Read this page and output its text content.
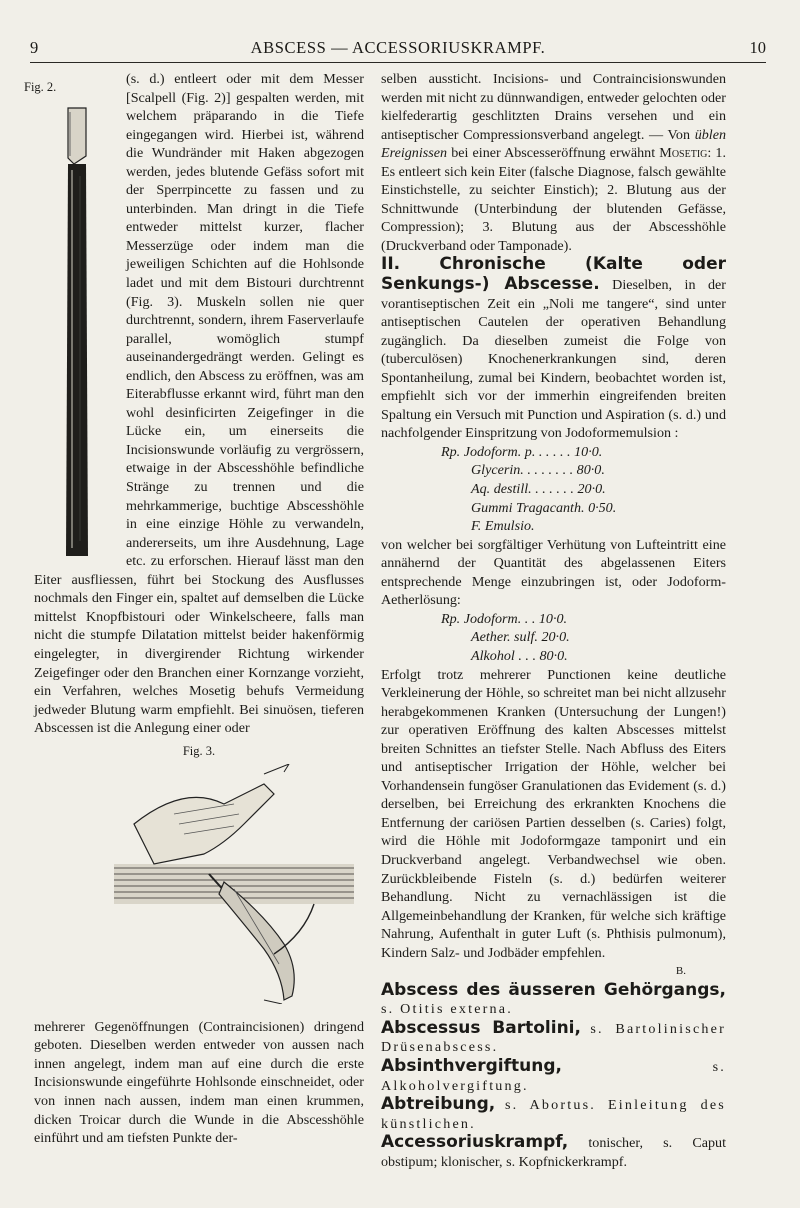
9	ABSCESS — ACCESSORIUSKRAMPF.	10
Fig. 2.	(s. d.) entleert oder mit dem Messer [Scalpell (Fig. 2)] gespalten werden, mit welchem präparando in die Tiefe eingegangen wird. Hierbei ist, während die Wundränder mit Haken abgezogen werden, jedes blutende Gefäss sofort mit der Sperrpincette zu fassen und zu unterbinden. Man dringt in die Tiefe entweder mittelst kurzer, flacher Messerzüge oder indem man die jeweiligen Schichten auf die Hohlsonde ladet und mit dem Bistouri durchtrennt (Fig. 3). Muskeln sollen nie quer durchtrennt, sondern, ihrem Faserverlaufe parallel, womöglich stumpf auseinandergedrängt werden. Gelingt es endlich, den Abscess zu eröffnen, was am Eiterabflusse erkannt wird, führt man den wohl desinficirten Zeigefinger in die Lücke ein, um einerseits die Incisionswunde vorläufig zu vergrössern, etwaige in der Abscesshöhle befindliche Stränge zu trennen und die mehrkammerige, buchtige Abscesshöhle in eine einzige Höhle zu verwandeln, andererseits, um ihre Ausdehnung, Lage etc. zu erforschen. Hierauf lässt man den Eiter ausfliessen, führt bei Stockung des Ausflusses nochmals den Finger ein, spaltet auf demselben die Lücke mittelst Knopfbistouri oder Winkelscheere, falls man nicht die stumpfe Dilatation mittelst beider hakenförmig eingelegter, in divergirender Richtung wirkender Zeigefinger oder den Branchen einer Kornzange vorzieht, ein Verfahren, welches Mosetig behufs Vermeidung jedweder Blutung warm empfiehlt. Bei sinuösen, tieferen Abscessen ist die Anlegung einer oder

Fig. 3.

mehrerer Gegenöffnungen (Contraincisionen) dringend geboten. Dieselben werden entweder von aussen nach innen angelegt, indem man auf eine durch die erste Incisionswunde eingeführte Hohlsonde einschneidet, oder von innen nach aussen, indem man einen krummen, dicken Troicar durch die Wunde in die Abscesshöhle einführt und am tiefsten Punkte der-

selben aussticht. Incisions- und Contraincisionswunden werden mit nicht zu dünnwandigen, entweder gelochten oder kielfederartig geschlitzten Drains versehen und ein antiseptischer Compressionsverband angelegt. — Von üblen Ereignissen bei einer Abscesseröffnung erwähnt Mosetig: 1. Es entleert sich kein Eiter (falsche Diagnose, falsch gewählte Einstichstelle, zu seichter Einstich); 2. Blutung aus der Schnittwunde (Unterbindung der blutenden Gefässe, Compression); 3. Blutung aus der Abscesshöhle (Druckverband oder Tamponade).

II. Chronische (Kalte oder Senkungs-) Abscesse. Dieselben, in der vorantiseptischen Zeit ein „Noli me tangere“, sind unter antiseptischen Cautelen der operativen Behandlung zugänglich. Da dieselben zumeist die Folge von (tuberculösen) Knochenerkrankungen sind, deren Spontanheilung, zumal bei Kindern, beobachtet worden ist, empfiehlt sich vor der immerhin eingreifenden breiten Spaltung ein Versuch mit Punction und Aspiration (s. d.) und nachfolgender Einspritzung von Jodoformemulsion :

Rp. Jodoform. p. . . . . . 10·0.
Glycerin. . . . . . . . 80·0.
Aq. destill. . . . . . . 20·0.
Gummi Tragacanth. 0·50.
F. Emulsio.

von welcher bei sorgfältiger Verhütung von Lufteintritt eine annähernd der Quantität des abgelassenen Eiters entsprechende Menge einzubringen ist, oder Jodoform-Aetherlösung:

Rp. Jodoform. . . 10·0.
Aether. sulf. 20·0.
Alkohol . . . 80·0.

Erfolgt trotz mehrerer Punctionen keine deutliche Verkleinerung der Höhle, so schreitet man bei nicht allzusehr herabgekommenen Kranken (Untersuchung der Lungen!) zur operativen Eröffnung des kalten Abscesses mittelst breiten Schnittes an tiefster Stelle. Nach Abfluss des Eiters und antiseptischer Irrigation der Höhle, welcher bei Vorhandensein fungöser Granulationen das Evidement (s. d.) derselben, bei Erreichung des erkrankten Knochens die Entfernung der cariösen Partien desselben (s. Caries) folgt, wird die Höhle mit Jodoformgaze tamponirt und ein Druckverband angelegt. Verbandwechsel wie oben. Zurückbleibende Fisteln (s. d.) bedürfen weiterer Behandlung. Nicht zu vernachlässigen ist die Allgemeinbehandlung der Kranken, für welche sich kräftige Nahrung, Aufenthalt in guter Luft (s. Phthisis pulmonum), Kindern Salz- und Jodbäder empfehlen.

B.

Abscess des äusseren Gehörgangs, s. Otitis externa.

Abscessus Bartolini, s. Bartolinischer Drüsenabscess.

Absinthvergiftung,	s. Alkoholvergiftung.

Abtreibung, s. Abortus. Einleitung des künstlichen.

Accessoriuskrampf, tonischer, s. Caput obstipum; klonischer, s. Kopfnickerkrampf.
